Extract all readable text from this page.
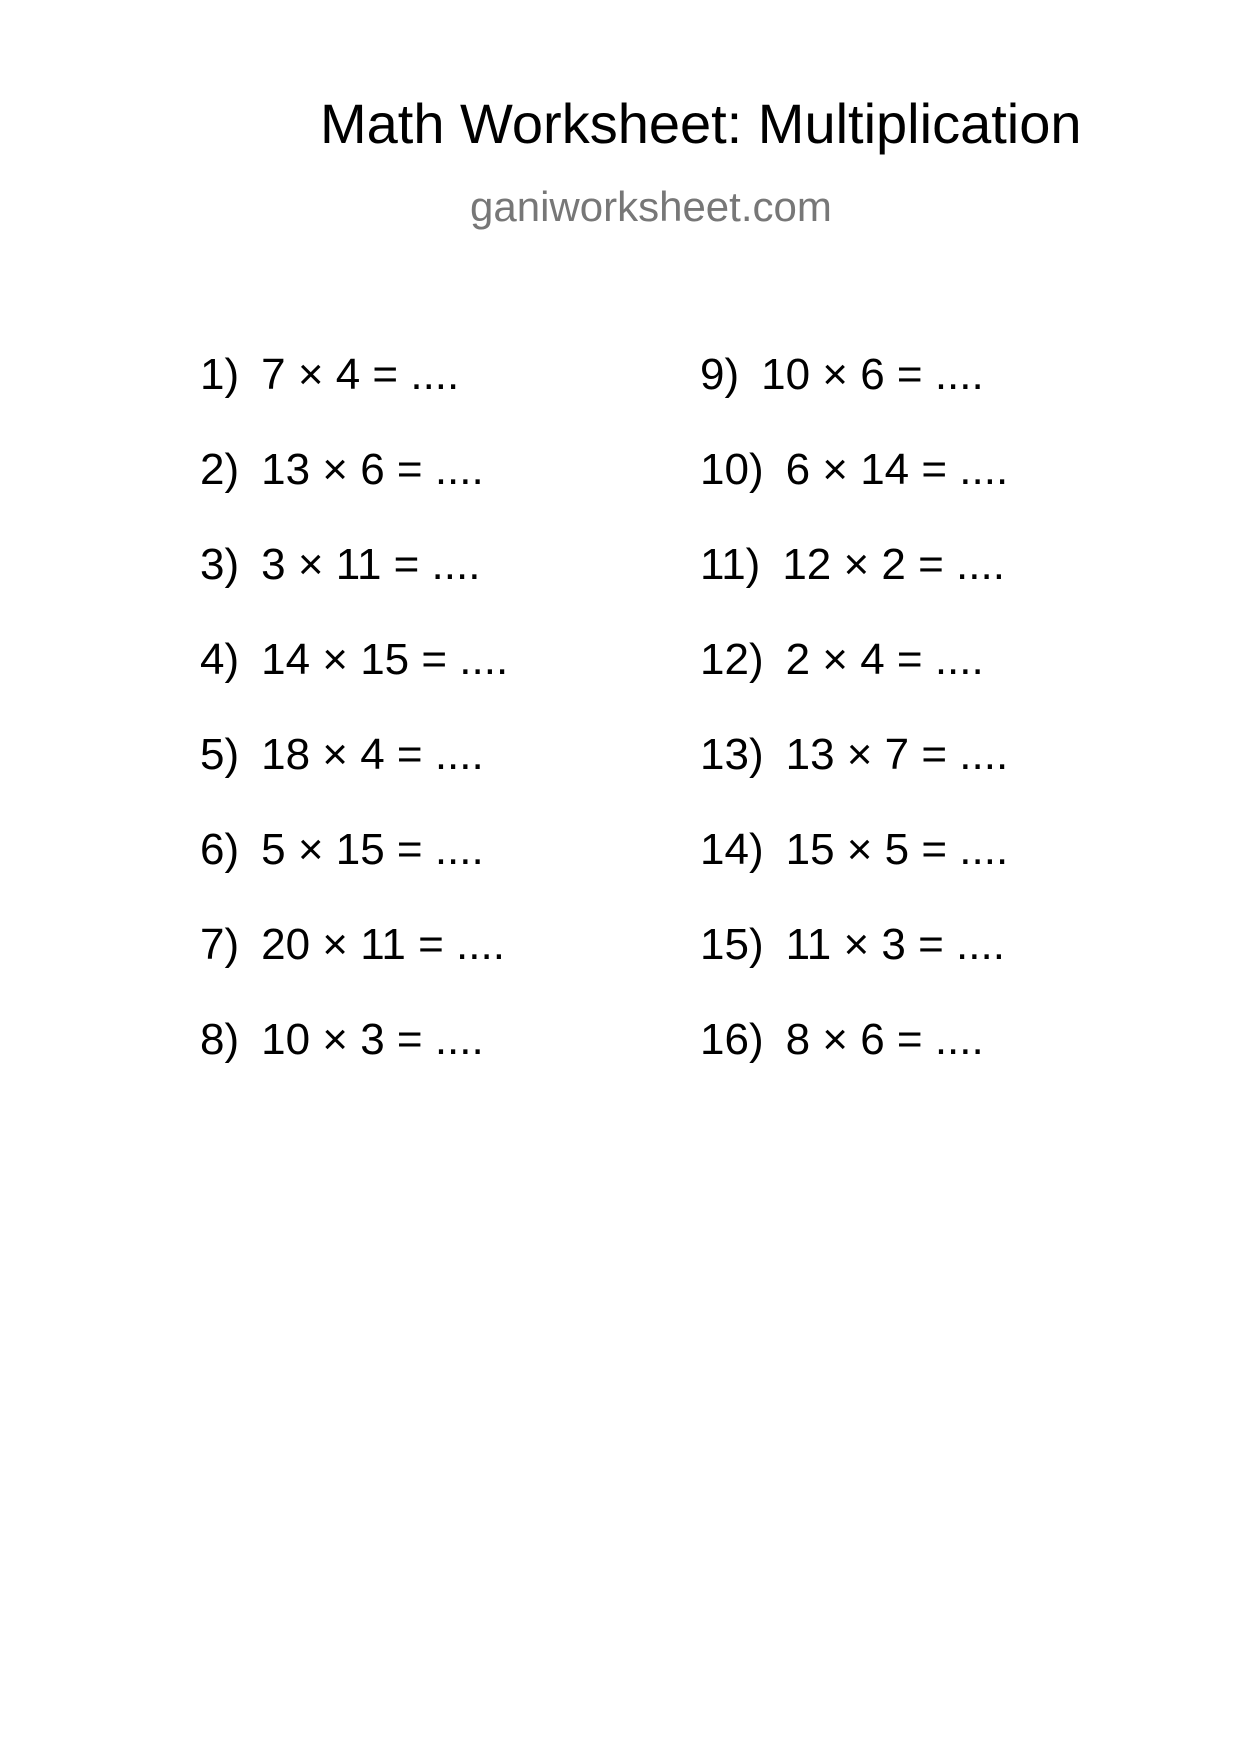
Math Worksheet: Multiplication
ganiworksheet.com
1) 7 × 4 = ....
2) 13 × 6 = ....
3) 3 × 11 = ....
4) 14 × 15 = ....
5) 18 × 4 = ....
6) 5 × 15 = ....
7) 20 × 11 = ....
8) 10 × 3 = ....
9) 10 × 6 = ....
10) 6 × 14 = ....
11) 12 × 2 = ....
12) 2 × 4 = ....
13) 13 × 7 = ....
14) 15 × 5 = ....
15) 11 × 3 = ....
16) 8 × 6 = ....
